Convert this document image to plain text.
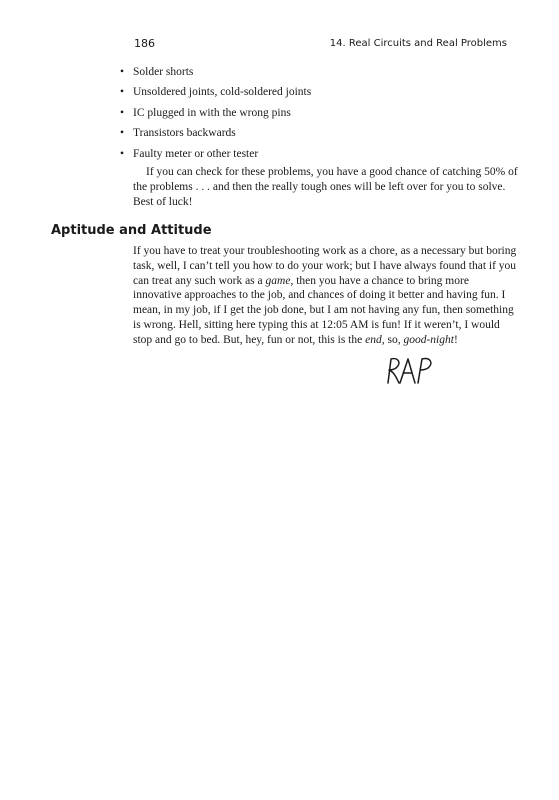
186	14. Real Circuits and Real Problems
• Solder shorts
• Unsoldered joints, cold-soldered joints
• IC plugged in with the wrong pins
• Transistors backwards
• Faulty meter or other tester

If you can check for these problems, you have a good chance of catching 50% of the problems . . . and then the really tough ones will be left over for you to solve. Best of luck!

Aptitude and Attitude

If you have to treat your troubleshooting work as a chore, as a necessary but boring task, well, I can’t tell you how to do your work; but I have always found that if you can treat any such work as a game, then you have a chance to bring more innovative approaches to the job, and chances of doing it better and having fun. I mean, in my job, if I get the job done, but I am not having any fun, then something is wrong. Hell, sitting here typing this at 12:05 AM is fun! If it weren’t, I would stop and go to bed. But, hey, fun or not, this is the end, so, good-night!
